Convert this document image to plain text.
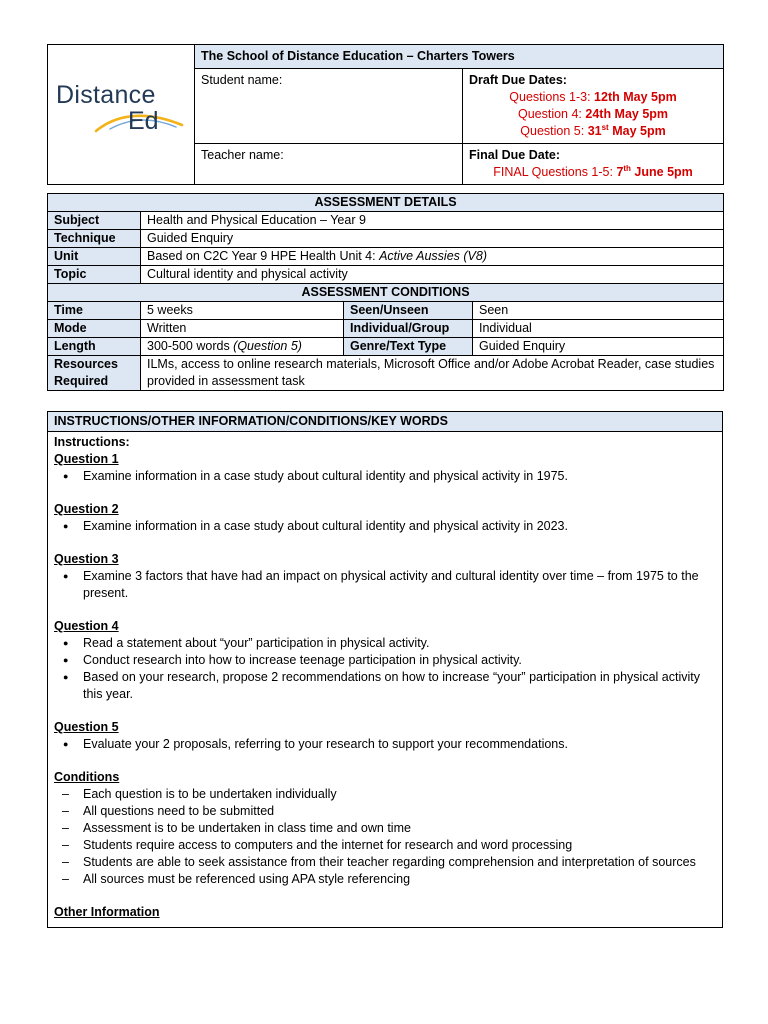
Distance
Ed	The School of Distance Education – Charters Towers	
	Student name:	Draft Due Dates:
Questions 1-3: 12th May 5pm
Question 4: 24th May 5pm
Question 5: 31st May 5pm

	Teacher name:	Final Due Date:
FINAL Questions 1-5: 7th June 5pm
ASSESSMENT DETAILS			
Subject	Health and Physical Education – Year 9		
Technique	Guided Enquiry		
Unit	Based on C2C Year 9 HPE Health Unit 4: Active Aussies (V8)		
Topic	Cultural identity and physical activity		
ASSESSMENT CONDITIONS			
Time	5 weeks	Seen/Unseen	Seen
Mode	Written	Individual/Group	Individual
Length	300-500 words (Question 5)	Genre/Text Type	Guided Enquiry
Resources Required	ILMs, access to online research materials, Microsoft Office and/or Adobe Acrobat Reader, case studies provided in assessment task		
INSTRUCTIONS/OTHER INFORMATION/CONDITIONS/KEY WORDS

Instructions:
Question 1
● Examine information in a case study about cultural identity and physical activity in 1975.
Question 2
● Examine information in a case study about cultural identity and physical activity in 2023.
Question 3
● Examine 3 factors that have had an impact on physical activity and cultural identity over time – from 1975 to the present.
Question 4
● Read a statement about “your” participation in physical activity.
● Conduct research into how to increase teenage participation in physical activity.
● Based on your research, propose 2 recommendations on how to increase “your” participation in physical activity this year.
Question 5
● Evaluate your 2 proposals, referring to your research to support your recommendations.
Conditions
– Each question is to be undertaken individually
– All questions need to be submitted
– Assessment is to be undertaken in class time and own time
– Students require access to computers and the internet for research and word processing
– Students are able to seek assistance from their teacher regarding comprehension and interpretation of sources
– All sources must be referenced using APA style referencing
Other Information
